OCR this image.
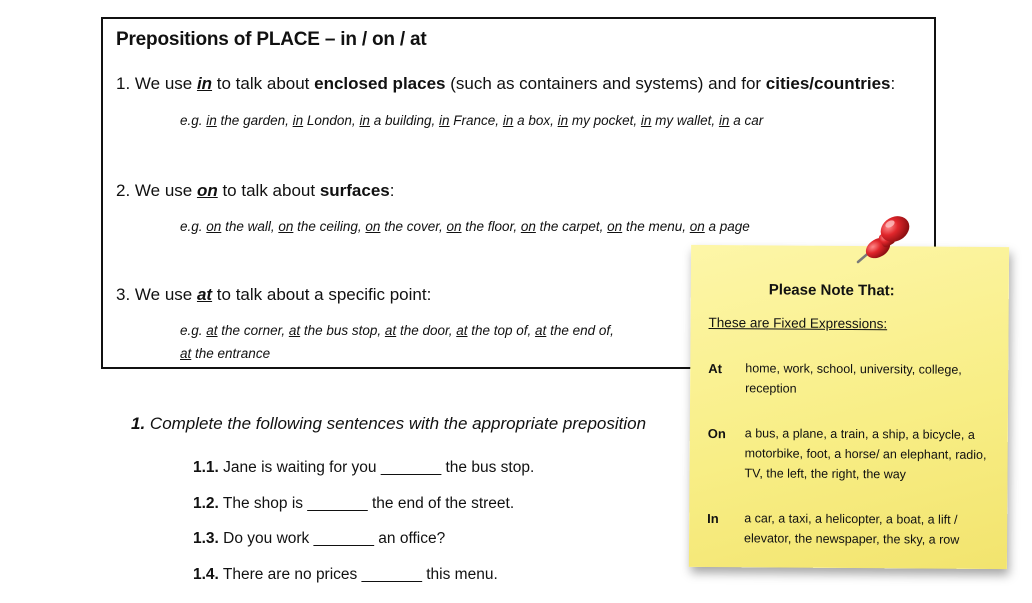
Prepositions of PLACE – in / on / at
1. We use in to talk about enclosed places (such as containers and systems) and for cities/countries:
e.g. in the garden, in London, in a building, in France, in a box, in my pocket, in my wallet, in a car
2. We use on to talk about surfaces:
e.g. on the wall, on the ceiling, on the cover, on the floor, on the carpet, on the menu, on a page
3. We use at to talk about a specific point:
e.g. at the corner, at the bus stop, at the door, at the top of, at the end of,
at the entrance
1. Complete the following sentences with the appropriate preposition
1.1. Jane is waiting for you _______ the bus stop.
1.2. The shop is _______ the end of the street.
1.3. Do you work _______ an office?
1.4. There are no prices _______ this menu.
Please Note That:
These are Fixed Expressions:
At home, work, school, university, college, reception
On a bus, a plane, a train, a ship, a bicycle, a motorbike, foot, a horse/ an elephant, radio, TV, the left, the right, the way
In a car, a taxi, a helicopter, a boat, a lift / elevator, the newspaper, the sky, a row
